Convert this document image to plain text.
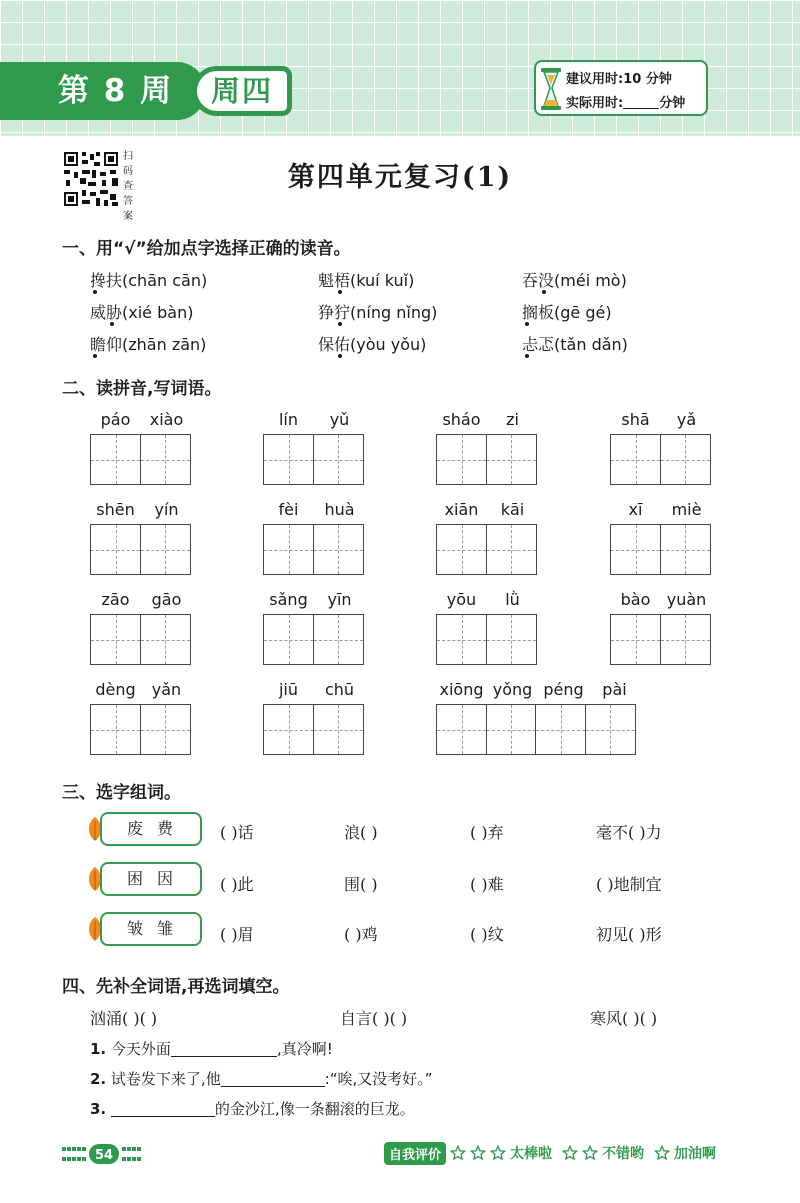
第 8 周	周四	建议用时:10 分钟
实际用时:	分钟
扫码查答案
第四单元复习(1)
一、用“√”给加点字选择正确的读音。
搀扶(chān cān)	魁梧(kuí kuǐ)	吞没(méi mò)
威胁(xié bàn)	狰狞(níng nǐng)	搁板(gē gé)
瞻仰(zhān zān)	保佑(yòu yǒu)	忐忑(tǎn dǎn)
二、读拼音,写词语。
páo	xiào	lín	yǔ	sháo	zi	shā	yǎ
shēn	yín	fèi	huà	xiān	kāi	xī	miè
zāo	gāo	sǎng	yīn	yōu	lǜ	bào	yuàn
dèng	yǎn	jiū	chū	xiōng yǒng péng	pài
三、选字组词。
废费	( )话	浪( )	( )弃	毫不( )力
困因	( )此	围( )	( )难	( )地制宜
皱雏	( )眉	( )鸡	( )纹	初见( )形
四、先补全词语,再选词填空。
汹涌( )( )	自言( )( )	寒风( )( )
1. 今天外面	,真冷啊!
2. 试卷发下来了,他	:“唉,又没考好。”
3.	的金沙江,像一条翻滚的巨龙。
54	自我评价	太棒啦	不错哟 加油啊
